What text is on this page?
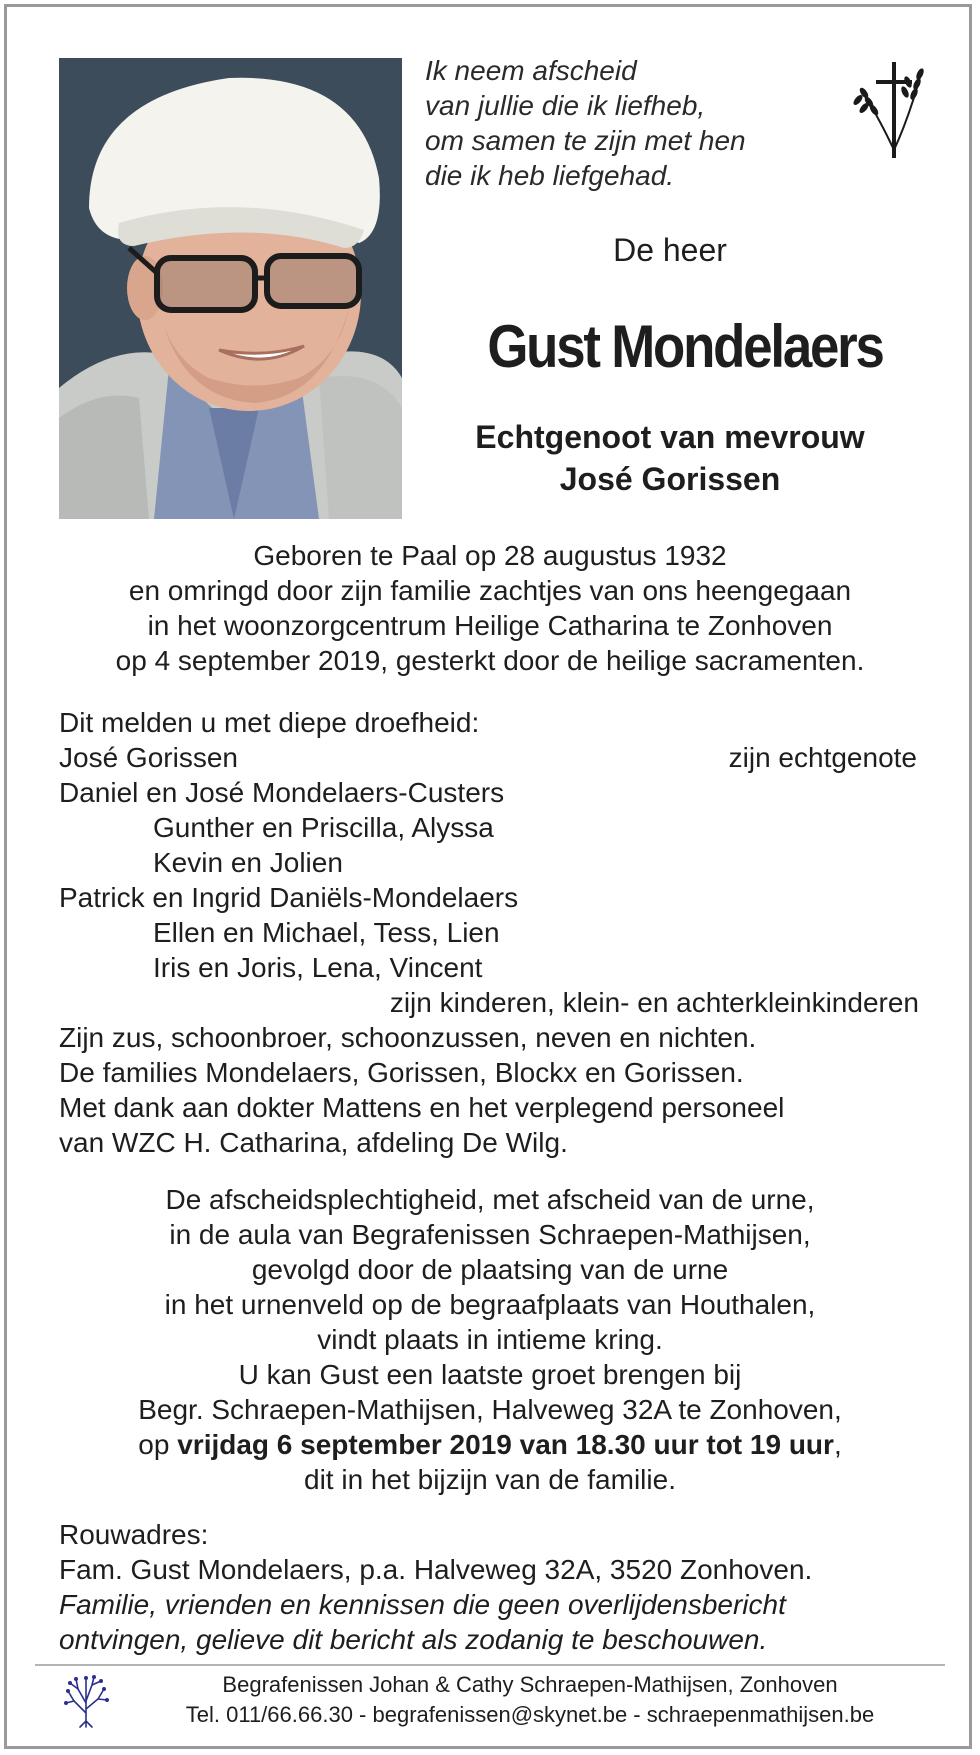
Ik neem afscheid
van jullie die ik liefheb,
om samen te zijn met hen
die ik heb liefgehad.
De heer
Gust Mondelaers
Echtgenoot van mevrouw
José Gorissen
Geboren te Paal op 28 augustus 1932
en omringd door zijn familie zachtjes van ons heengegaan
in het woonzorgcentrum Heilige Catharina te Zonhoven
op 4 september 2019, gesterkt door de heilige sacramenten.
Dit melden u met diepe droefheid:
José Gorissen	zijn echtgenote
Daniel en José Mondelaers-Custers
Gunther en Priscilla, Alyssa
Kevin en Jolien
Patrick en Ingrid Daniëls-Mondelaers
Ellen en Michael, Tess, Lien
Iris en Joris, Lena, Vincent
zijn kinderen, klein- en achterkleinkinderen
Zijn zus, schoonbroer, schoonzussen, neven en nichten.
De families Mondelaers, Gorissen, Blockx en Gorissen.
Met dank aan dokter Mattens en het verplegend personeel
van WZC H. Catharina, afdeling De Wilg.
De afscheidsplechtigheid, met afscheid van de urne,
in de aula van Begrafenissen Schraepen-Mathijsen,
gevolgd door de plaatsing van de urne
in het urnenveld op de begraafplaats van Houthalen,
vindt plaats in intieme kring.
U kan Gust een laatste groet brengen bij
Begr. Schraepen-Mathijsen, Halveweg 32A te Zonhoven,
op vrijdag 6 september 2019 van 18.30 uur tot 19 uur,
dit in het bijzijn van de familie.
Rouwadres:
Fam. Gust Mondelaers, p.a. Halveweg 32A, 3520 Zonhoven.
Familie, vrienden en kennissen die geen overlijdensbericht
ontvingen, gelieve dit bericht als zodanig te beschouwen.
Begrafenissen Johan & Cathy Schraepen-Mathijsen, Zonhoven
Tel. 011/66.66.30 - begrafenissen@skynet.be - schraepenmathijsen.be
